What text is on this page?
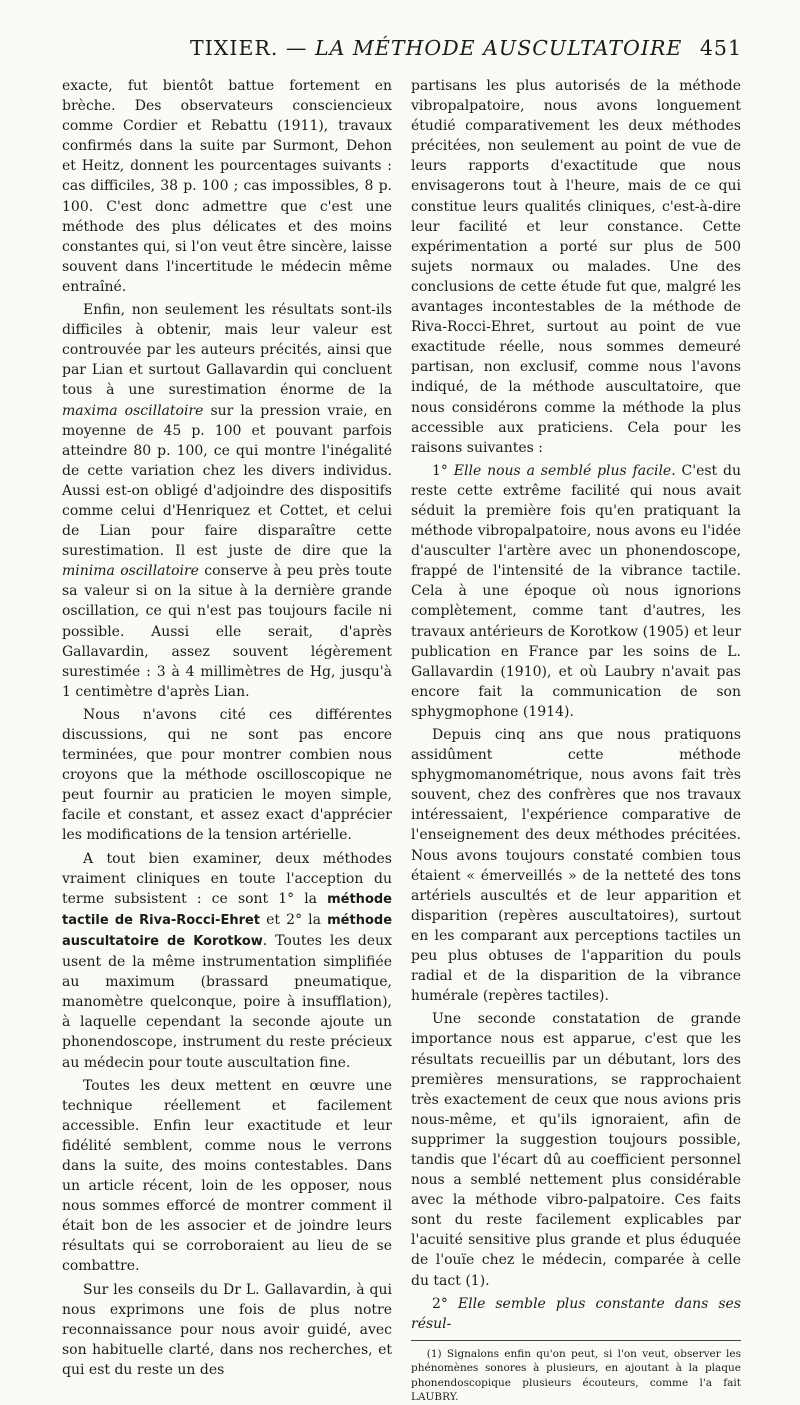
TIXIER. — LA MÉTHODE AUSCULTATOIRE 451

exacte, fut bientôt battue fortement en brèche. Des observateurs consciencieux comme Cordier et Rebattu (1911), travaux confirmés dans la suite par Surmont, Dehon et Heitz, donnent les pourcentages suivants : cas difficiles, 38 p. 100 ; cas impossibles, 8 p. 100. C'est donc admettre que c'est une méthode des plus délicates et des moins constantes qui, si l'on veut être sincère, laisse souvent dans l'incertitude le médecin même entraîné.

Enfin, non seulement les résultats sont-ils difficiles à obtenir, mais leur valeur est controuvée par les auteurs précités, ainsi que par Lian et surtout Gallavardin qui concluent tous à une surestimation énorme de la maxima oscillatoire sur la pression vraie, en moyenne de 45 p. 100 et pouvant parfois atteindre 80 p. 100, ce qui montre l'inégalité de cette variation chez les divers individus. Aussi est-on obligé d'adjoindre des dispositifs comme celui d'Henriquez et Cottet, et celui de Lian pour faire disparaître cette surestimation. Il est juste de dire que la minima oscillatoire conserve à peu près toute sa valeur si on la situe à la dernière grande oscillation, ce qui n'est pas toujours facile ni possible. Aussi elle serait, d'après Gallavardin, assez souvent légèrement surestimée : 3 à 4 millimètres de Hg, jusqu'à 1 centimètre d'après Lian.

Nous n'avons cité ces différentes discussions, qui ne sont pas encore terminées, que pour montrer combien nous croyons que la méthode oscilloscopique ne peut fournir au praticien le moyen simple, facile et constant, et assez exact d'apprécier les modifications de la tension artérielle.

A tout bien examiner, deux méthodes vraiment cliniques en toute l'acception du terme subsistent : ce sont 1° la méthode tactile de Riva-Rocci-Ehret et 2° la méthode auscultatoire de Korotkow. Toutes les deux usent de la même instrumentation simplifiée au maximum (brassard pneumatique, manomètre quelconque, poire à insufflation), à laquelle cependant la seconde ajoute un phonendoscope, instrument du reste précieux au médecin pour toute auscultation fine.

Toutes les deux mettent en œuvre une technique réellement et facilement accessible. Enfin leur exactitude et leur fidélité semblent, comme nous le verrons dans la suite, des moins contestables. Dans un article récent, loin de les opposer, nous nous sommes efforcé de montrer comment il était bon de les associer et de joindre leurs résultats qui se corroboraient au lieu de se combattre.

Sur les conseils du Dr L. Gallavardin, à qui nous exprimons une fois de plus notre reconnaissance pour nous avoir guidé, avec son habituelle clarté, dans nos recherches, et qui est du reste un des

partisans les plus autorisés de la méthode vibropalpatoire, nous avons longuement étudié comparativement les deux méthodes précitées, non seulement au point de vue de leurs rapports d'exactitude que nous envisagerons tout à l'heure, mais de ce qui constitue leurs qualités cliniques, c'est-à-dire leur facilité et leur constance. Cette expérimentation a porté sur plus de 500 sujets normaux ou malades. Une des conclusions de cette étude fut que, malgré les avantages incontestables de la méthode de Riva-Rocci-Ehret, surtout au point de vue exactitude réelle, nous sommes demeuré partisan, non exclusif, comme nous l'avons indiqué, de la méthode auscultatoire, que nous considérons comme la méthode la plus accessible aux praticiens. Cela pour les raisons suivantes :

1° Elle nous a semblé plus facile. C'est du reste cette extrême facilité qui nous avait séduit la première fois qu'en pratiquant la méthode vibropalpatoire, nous avons eu l'idée d'ausculter l'artère avec un phonendoscope, frappé de l'intensité de la vibrance tactile. Cela à une époque où nous ignorions complètement, comme tant d'autres, les travaux antérieurs de Korotkow (1905) et leur publication en France par les soins de L. Gallavardin (1910), et où Laubry n'avait pas encore fait la communication de son sphygmophone (1914).

Depuis cinq ans que nous pratiquons assidûment cette méthode sphygmomanométrique, nous avons fait très souvent, chez des confrères que nos travaux intéressaient, l'expérience comparative de l'enseignement des deux méthodes précitées. Nous avons toujours constaté combien tous étaient « émerveillés » de la netteté des tons artériels auscultés et de leur apparition et disparition (repères auscultatoires), surtout en les comparant aux perceptions tactiles un peu plus obtuses de l'apparition du pouls radial et de la disparition de la vibrance humérale (repères tactiles).

Une seconde constatation de grande importance nous est apparue, c'est que les résultats recueillis par un débutant, lors des premières mensurations, se rapprochaient très exactement de ceux que nous avions pris nous-même, et qu'ils ignoraient, afin de supprimer la suggestion toujours possible, tandis que l'écart dû au coefficient personnel nous a semblé nettement plus considérable avec la méthode vibro-palpatoire. Ces faits sont du reste facilement explicables par l'acuité sensitive plus grande et plus éduquée de l'ouïe chez le médecin, comparée à celle du tact (1).

2° Elle semble plus constante dans ses résul-

(1) Signalons enfin qu'on peut, si l'on veut, observer les phénomènes sonores à plusieurs, en ajoutant à la plaque phonendoscopique plusieurs écouteurs, comme l'a fait LAUBRY.
